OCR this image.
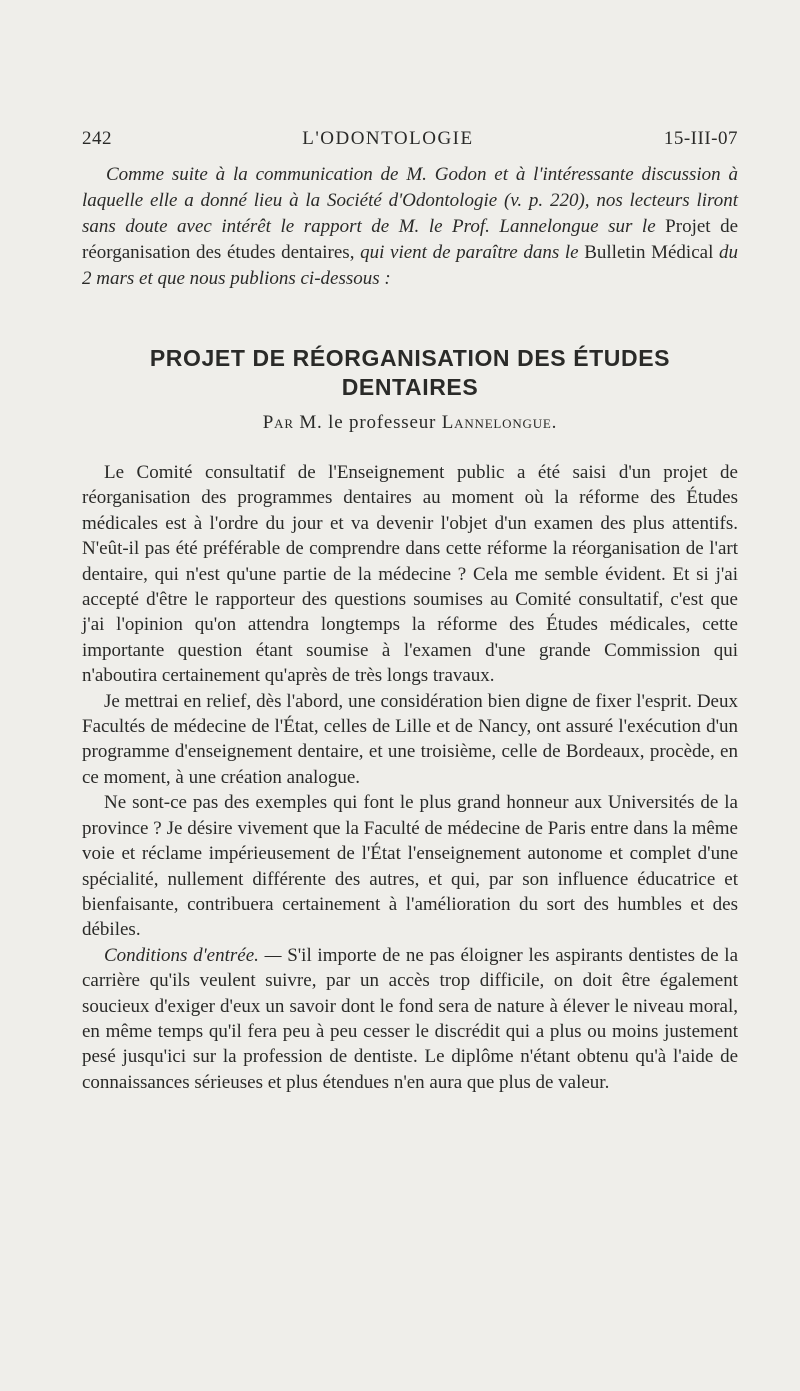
242	L'ODONTOLOGIE	15-III-07

Comme suite à la communication de M. Godon et à l'intéressante discussion à laquelle elle a donné lieu à la Société d'Odontologie (v. p. 220), nos lecteurs liront sans doute avec intérêt le rapport de M. le Prof. Lannelongue sur le Projet de réorganisation des études dentaires, qui vient de paraître dans le Bulletin Médical du 2 mars et que nous publions ci-dessous :

PROJET DE RÉORGANISATION DES ÉTUDES
DENTAIRES
Par M. le professeur Lannelongue.

Le Comité consultatif de l'Enseignement public a été saisi d'un projet de réorganisation des programmes dentaires au moment où la réforme des Études médicales est à l'ordre du jour et va devenir l'objet d'un examen des plus attentifs. N'eût-il pas été préférable de comprendre dans cette réforme la réorganisation de l'art dentaire, qui n'est qu'une partie de la médecine ? Cela me semble évident. Et si j'ai accepté d'être le rapporteur des questions soumises au Comité consultatif, c'est que j'ai l'opinion qu'on attendra longtemps la réforme des Études médicales, cette importante question étant soumise à l'examen d'une grande Commission qui n'aboutira certainement qu'après de très longs travaux.

Je mettrai en relief, dès l'abord, une considération bien digne de fixer l'esprit. Deux Facultés de médecine de l'État, celles de Lille et de Nancy, ont assuré l'exécution d'un programme d'enseignement dentaire, et une troisième, celle de Bordeaux, procède, en ce moment, à une création analogue.

Ne sont-ce pas des exemples qui font le plus grand honneur aux Universités de la province ? Je désire vivement que la Faculté de médecine de Paris entre dans la même voie et réclame impérieusement de l'État l'enseignement autonome et complet d'une spécialité, nullement différente des autres, et qui, par son influence éducatrice et bienfaisante, contribuera certainement à l'amélioration du sort des humbles et des débiles.

Conditions d'entrée. — S'il importe de ne pas éloigner les aspirants dentistes de la carrière qu'ils veulent suivre, par un accès trop difficile, on doit être également soucieux d'exiger d'eux un savoir dont le fond sera de nature à élever le niveau moral, en même temps qu'il fera peu à peu cesser le discrédit qui a plus ou moins justement pesé jusqu'ici sur la profession de dentiste. Le diplôme n'étant obtenu qu'à l'aide de connaissances sérieuses et plus étendues n'en aura que plus de valeur.
